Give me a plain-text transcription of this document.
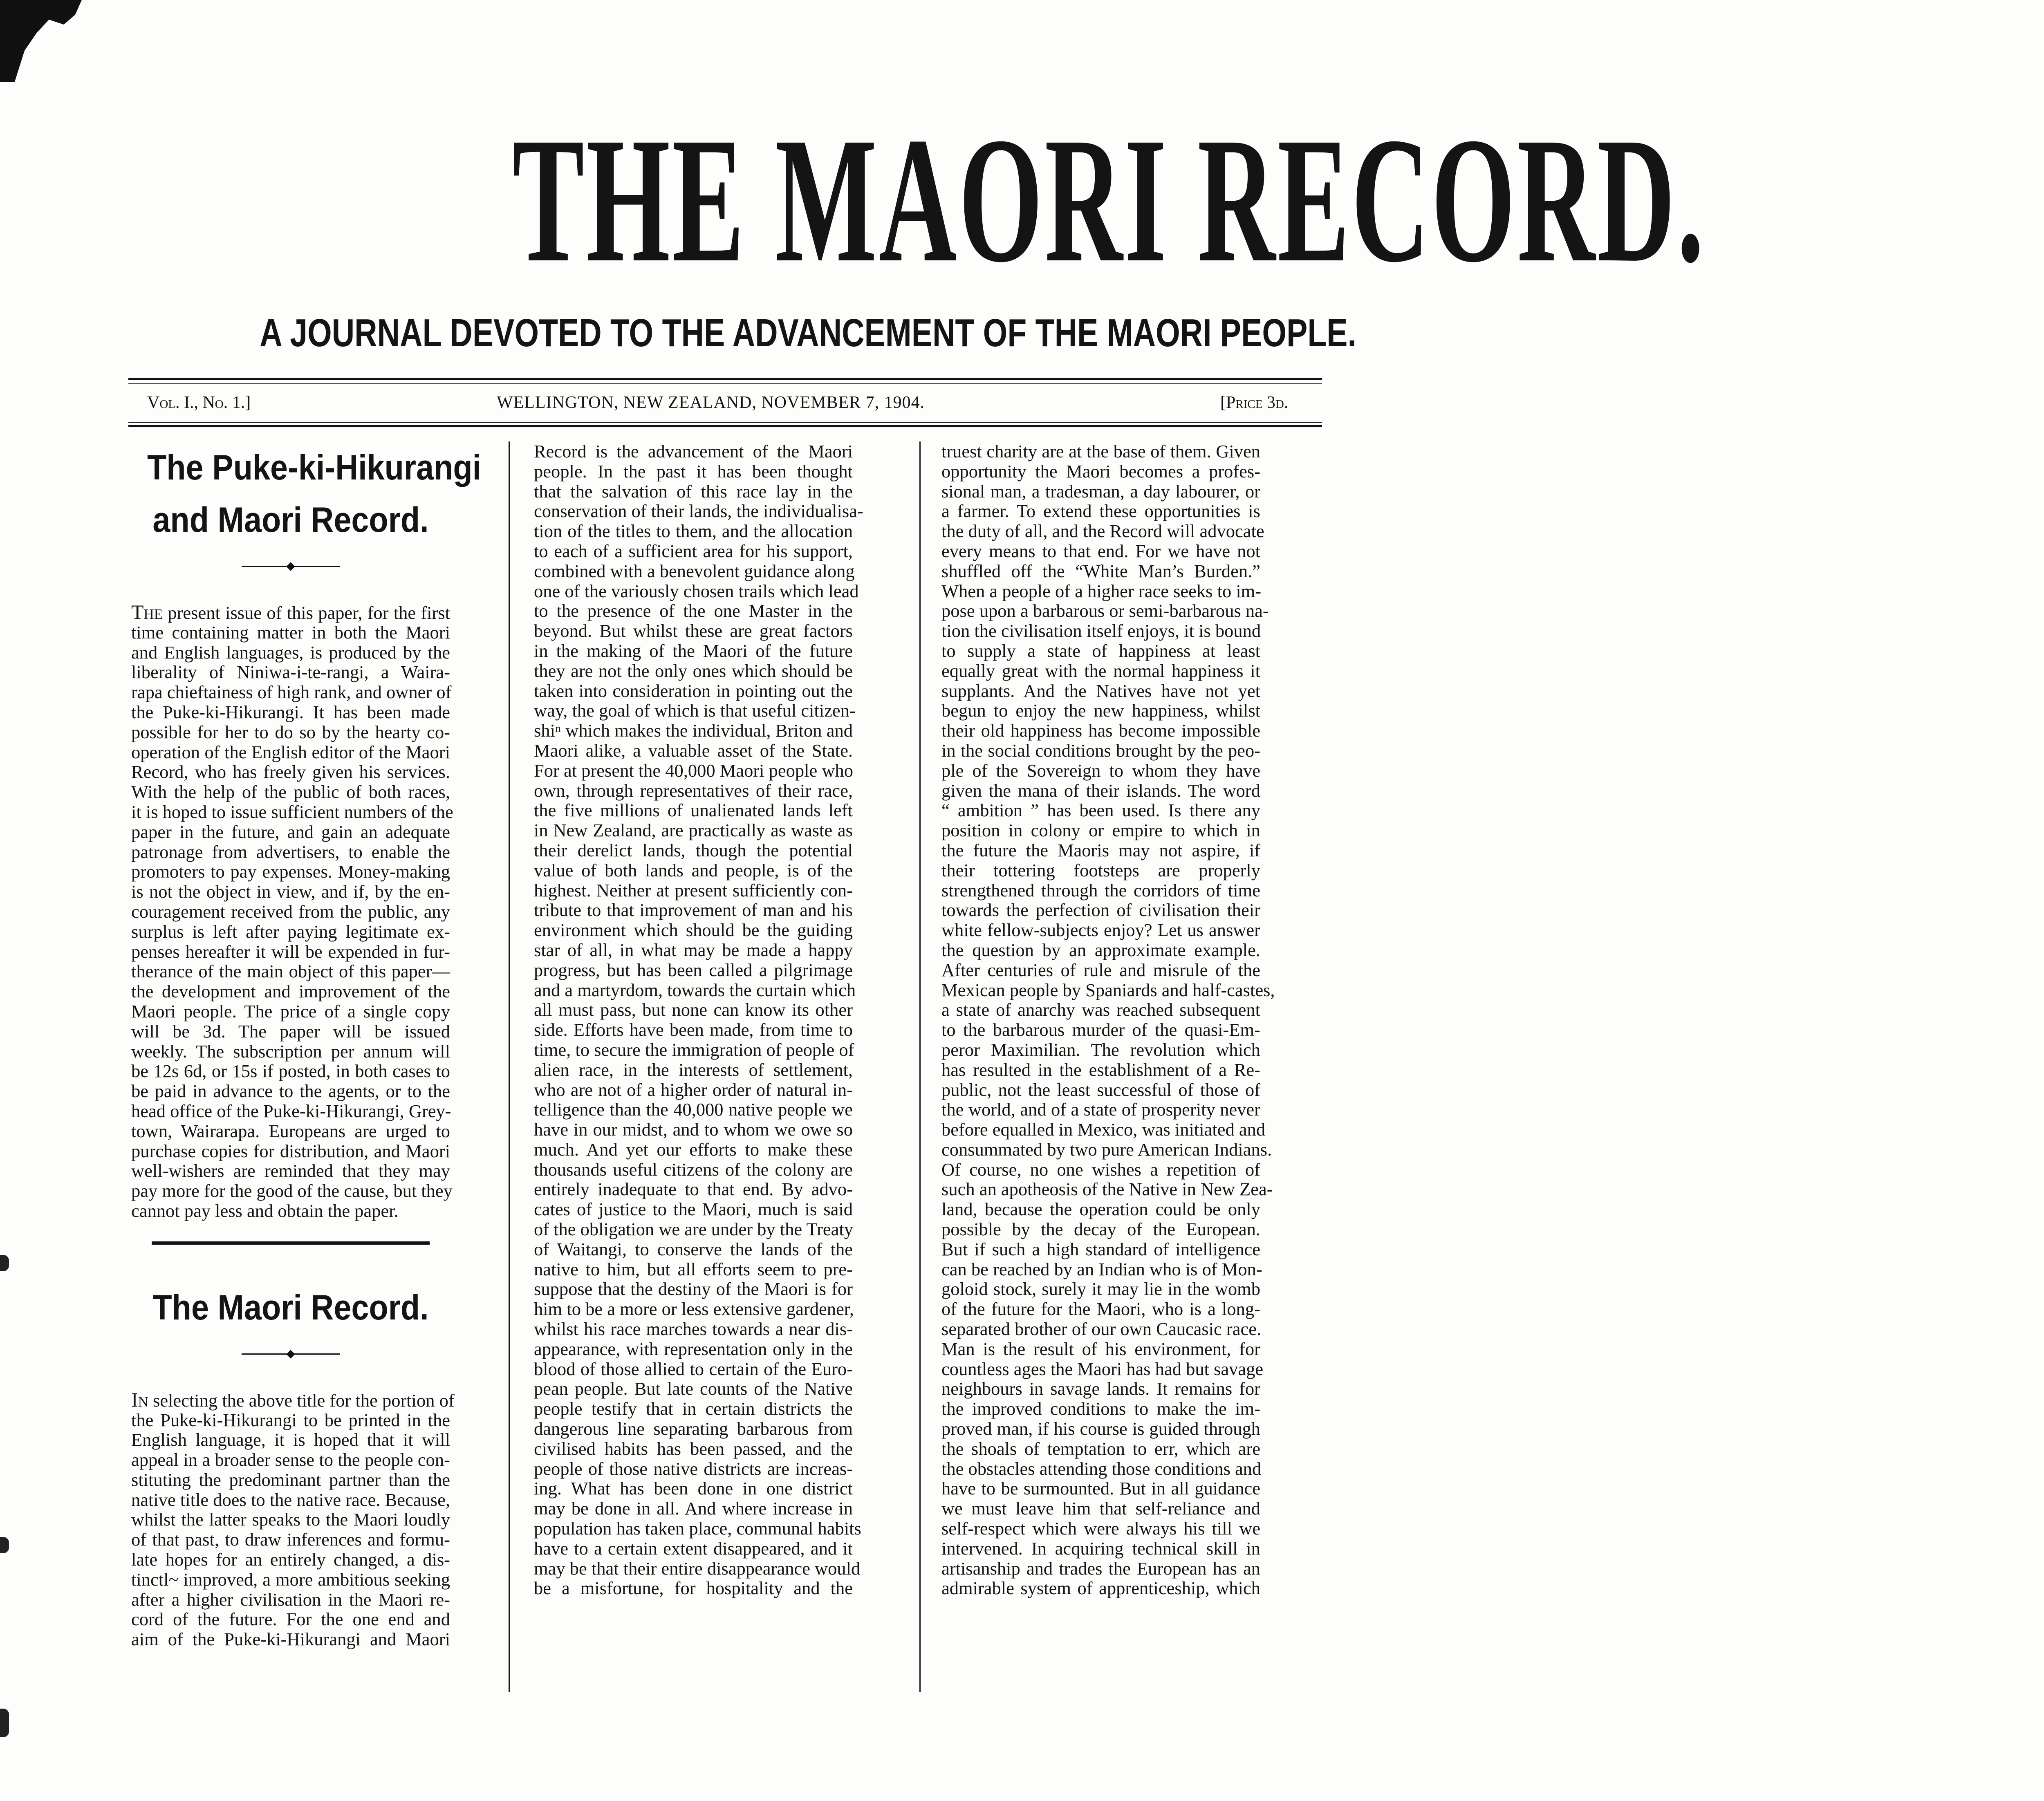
THE MAORI RECORD.
A JOURNAL DEVOTED TO THE ADVANCEMENT OF THE MAORI PEOPLE.
Vol. I., No. 1.]	WELLINGTON, NEW ZEALAND, NOVEMBER 7, 1904.	[Price 3d.
The Puke-ki-Hikurangi
and Maori Record.
The present issue of this paper, for the first
time containing matter in both the Maori
and English languages, is produced by the
liberality of Niniwa-i-te-rangi, a Waira-
rapa chieftainess of high rank, and owner of
the Puke-ki-Hikurangi. It has been made
possible for her to do so by the hearty co-
operation of the English editor of the Maori
Record, who has freely given his services.
With the help of the public of both races,
it is hoped to issue sufficient numbers of the
paper in the future, and gain an adequate
patronage from advertisers, to enable the
promoters to pay expenses. Money-making
is not the object in view, and if, by the en-
couragement received from the public, any
surplus is left after paying legitimate ex-
penses hereafter it will be expended in fur-
therance of the main object of this paper—
the development and improvement of the
Maori people. The price of a single copy
will be 3d. The paper will be issued
weekly. The subscription per annum will
be 12s 6d, or 15s if posted, in both cases to
be paid in advance to the agents, or to the
head office of the Puke-ki-Hikurangi, Grey-
town, Wairarapa. Europeans are urged to
purchase copies for distribution, and Maori
well-wishers are reminded that they may
pay more for the good of the cause, but they
cannot pay less and obtain the paper.
The Maori Record.
In selecting the above title for the portion of
the Puke-ki-Hikurangi to be printed in the
English language, it is hoped that it will
appeal in a broader sense to the people con-
stituting the predominant partner than the
native title does to the native race. Because,
whilst the latter speaks to the Maori loudly
of that past, to draw inferences and formu-
late hopes for an entirely changed, a dis-
tinctl~ improved, a more ambitious seeking
after a higher civilisation in the Maori re-
cord of the future. For the one end and
aim of the Puke-ki-Hikurangi and Maori
Record is the advancement of the Maori
people. In the past it has been thought
that the salvation of this race lay in the
conservation of their lands, the individualisa-
tion of the titles to them, and the allocation
to each of a sufficient area for his support,
combined with a benevolent guidance along
one of the variously chosen trails which lead
to the presence of the one Master in the
beyond. But whilst these are great factors
in the making of the Maori of the future
they are not the only ones which should be
taken into consideration in pointing out the
way, the goal of which is that useful citizen-
shiⁿ which makes the individual, Briton and
Maori alike, a valuable asset of the State.
For at present the 40,000 Maori people who
own, through representatives of their race,
the five millions of unalienated lands left
in New Zealand, are practically as waste as
their derelict lands, though the potential
value of both lands and people, is of the
highest. Neither at present sufficiently con-
tribute to that improvement of man and his
environment which should be the guiding
star of all, in what may be made a happy
progress, but has been called a pilgrimage
and a martyrdom, towards the curtain which
all must pass, but none can know its other
side. Efforts have been made, from time to
time, to secure the immigration of people of
alien race, in the interests of settlement,
who are not of a higher order of natural in-
telligence than the 40,000 native people we
have in our midst, and to whom we owe so
much. And yet our efforts to make these
thousands useful citizens of the colony are
entirely inadequate to that end. By advo-
cates of justice to the Maori, much is said
of the obligation we are under by the Treaty
of Waitangi, to conserve the lands of the
native to him, but all efforts seem to pre-
suppose that the destiny of the Maori is for
him to be a more or less extensive gardener,
whilst his race marches towards a near dis-
appearance, with representation only in the
blood of those allied to certain of the Euro-
pean people. But late counts of the Native
people testify that in certain districts the
dangerous line separating barbarous from
civilised habits has been passed, and the
people of those native districts are increas-
ing. What has been done in one district
may be done in all. And where increase in
population has taken place, communal habits
have to a certain extent disappeared, and it
may be that their entire disappearance would
be a misfortune, for hospitality and the
truest charity are at the base of them. Given
opportunity the Maori becomes a profes-
sional man, a tradesman, a day labourer, or
a farmer. To extend these opportunities is
the duty of all, and the Record will advocate
every means to that end. For we have not
shuffled off the “White Man’s Burden.”
When a people of a higher race seeks to im-
pose upon a barbarous or semi-barbarous na-
tion the civilisation itself enjoys, it is bound
to supply a state of happiness at least
equally great with the normal happiness it
supplants. And the Natives have not yet
begun to enjoy the new happiness, whilst
their old happiness has become impossible
in the social conditions brought by the peo-
ple of the Sovereign to whom they have
given the mana of their islands. The word
“ ambition ” has been used. Is there any
position in colony or empire to which in
the future the Maoris may not aspire, if
their tottering footsteps are properly
strengthened through the corridors of time
towards the perfection of civilisation their
white fellow-subjects enjoy? Let us answer
the question by an approximate example.
After centuries of rule and misrule of the
Mexican people by Spaniards and half-castes,
a state of anarchy was reached subsequent
to the barbarous murder of the quasi-Em-
peror Maximilian. The revolution which
has resulted in the establishment of a Re-
public, not the least successful of those of
the world, and of a state of prosperity never
before equalled in Mexico, was initiated and
consummated by two pure American Indians.
Of course, no one wishes a repetition of
such an apotheosis of the Native in New Zea-
land, because the operation could be only
possible by the decay of the European.
But if such a high standard of intelligence
can be reached by an Indian who is of Mon-
goloid stock, surely it may lie in the womb
of the future for the Maori, who is a long-
separated brother of our own Caucasic race.
Man is the result of his environment, for
countless ages the Maori has had but savage
neighbours in savage lands. It remains for
the improved conditions to make the im-
proved man, if his course is guided through
the shoals of temptation to err, which are
the obstacles attending those conditions and
have to be surmounted. But in all guidance
we must leave him that self-reliance and
self-respect which were always his till we
intervened. In acquiring technical skill in
artisanship and trades the European has an
admirable system of apprenticeship, which
